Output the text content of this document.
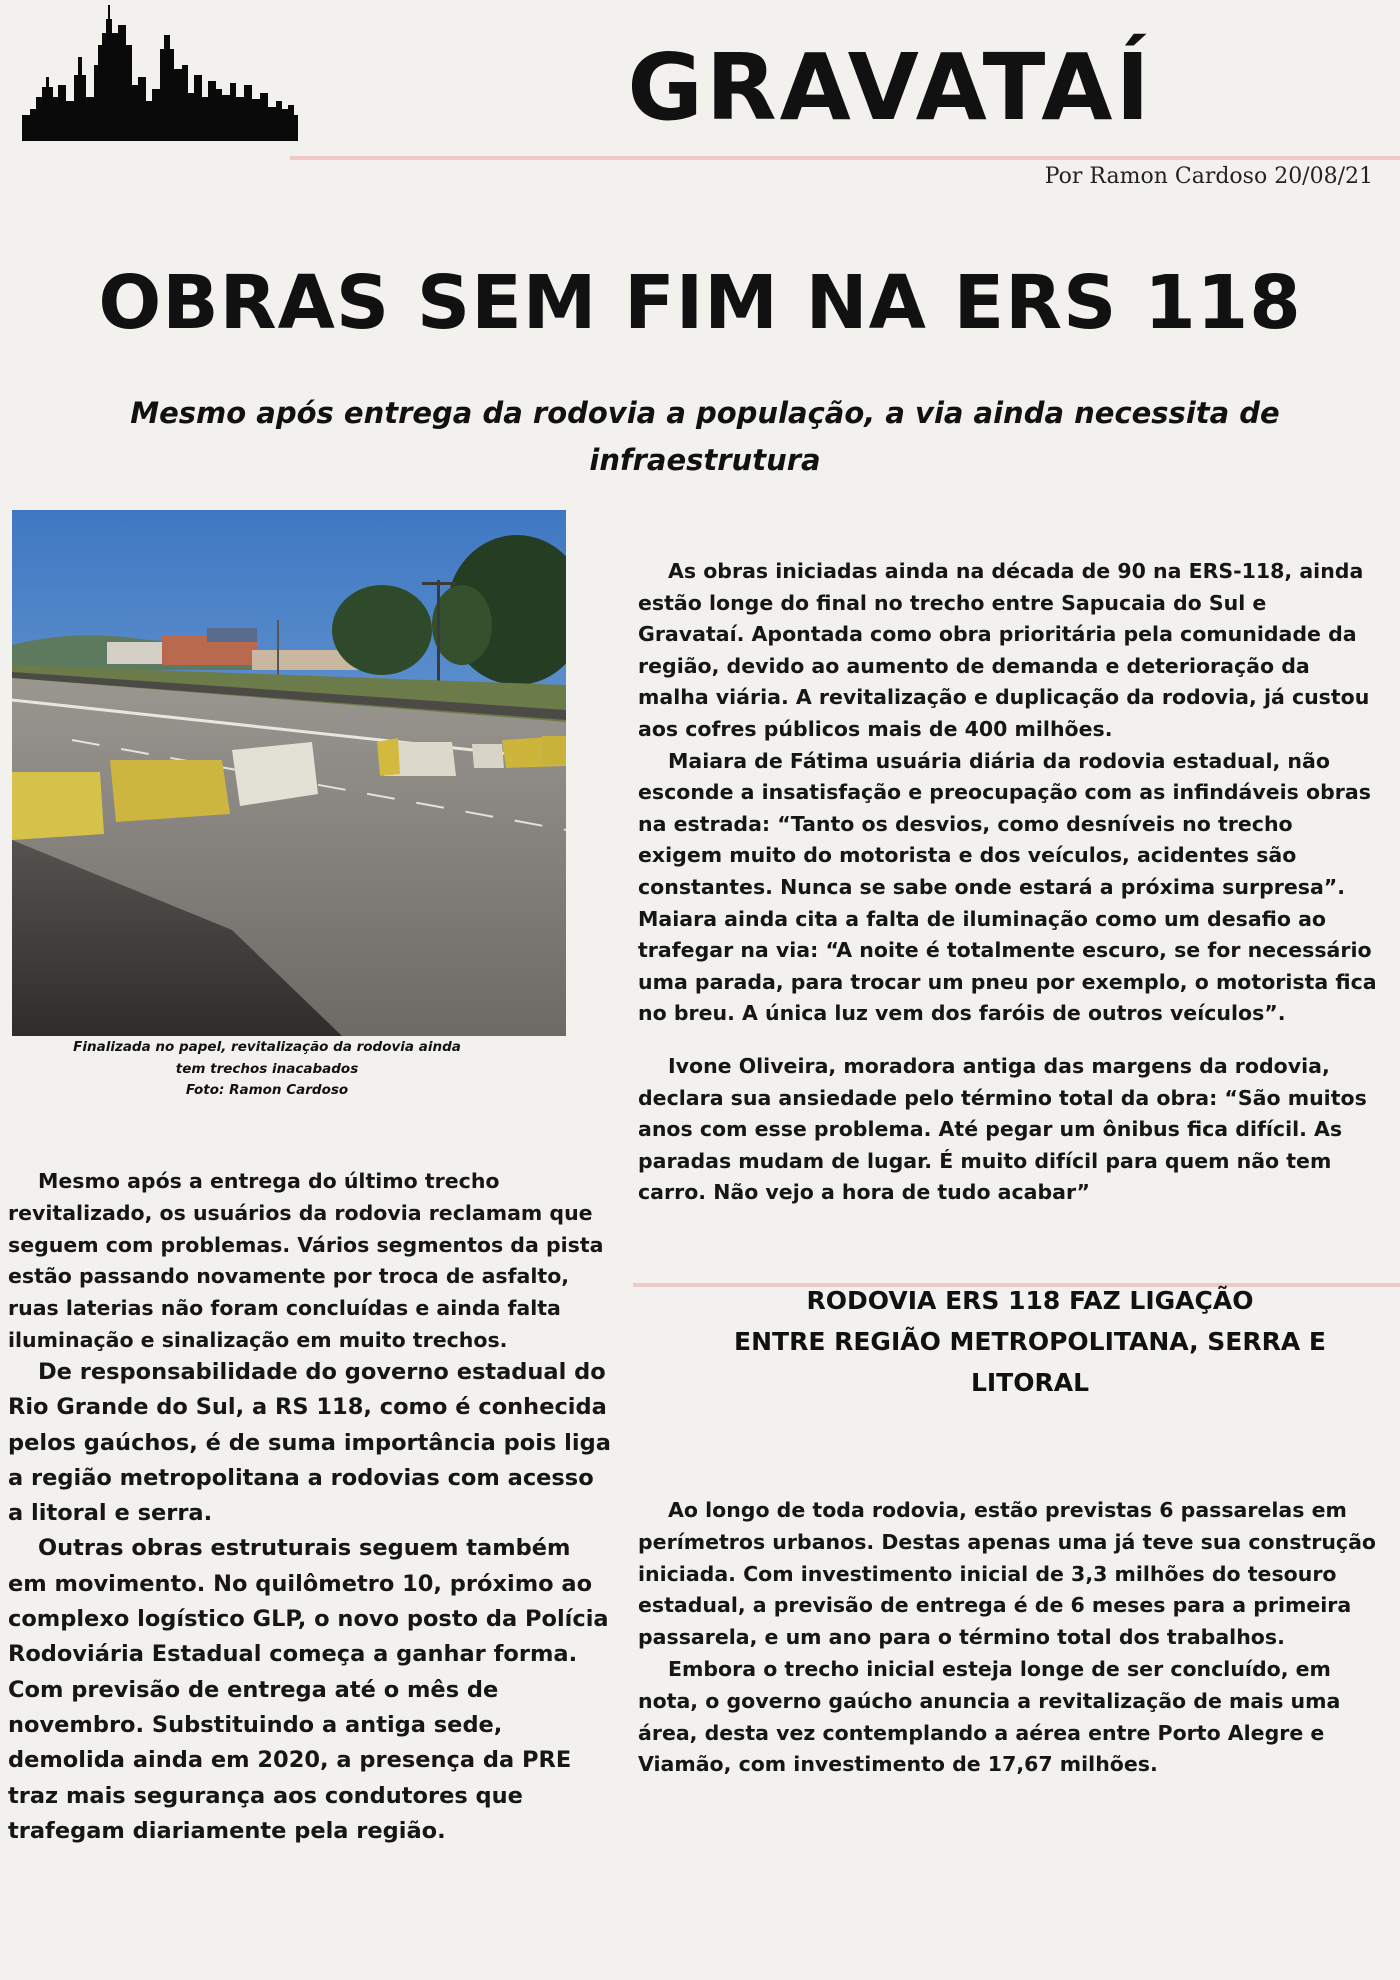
GRAVATAÍ
Por Ramon Cardoso 20/08/21
OBRAS SEM FIM NA ERS 118
Mesmo após entrega da rodovia a população, a via ainda necessita de infraestrutura
Finalizada no papel, revitalização da rodovia ainda
tem trechos inacabados
Foto: Ramon Cardoso

Mesmo após a entrega do último trecho revitalizado, os usuários da rodovia reclamam que seguem com problemas. Vários segmentos da pista estão passando novamente por troca de asfalto, ruas laterias não foram concluídas e ainda falta iluminação e sinalização em muito trechos.

De responsabilidade do governo estadual do Rio Grande do Sul, a RS 118, como é conhecida pelos gaúchos, é de suma importância pois liga a região metropolitana a rodovias com acesso a litoral e serra.

Outras obras estruturais seguem também em movimento. No quilômetro 10, próximo ao complexo logístico GLP, o novo posto da Polícia Rodoviária Estadual começa a ganhar forma. Com previsão de entrega até o mês de novembro. Substituindo a antiga sede, demolida ainda em 2020, a presença da PRE traz mais segurança aos condutores que trafegam diariamente pela região.

As obras iniciadas ainda na década de 90 na ERS-118, ainda estão longe do final no trecho entre Sapucaia do Sul e Gravataí. Apontada como obra prioritária pela comunidade da região, devido ao aumento de demanda e deterioração da malha viária. A revitalização e duplicação da rodovia, já custou aos cofres públicos mais de 400 milhões.

Maiara de Fátima usuária diária da rodovia estadual, não esconde a insatisfação e preocupação com as infindáveis obras na estrada: “Tanto os desvios, como desníveis no trecho exigem muito do motorista e dos veículos, acidentes são constantes. Nunca se sabe onde estará a próxima surpresa”. Maiara ainda cita a falta de iluminação como um desafio ao trafegar na via: “A noite é totalmente escuro, se for necessário uma parada, para trocar um pneu por exemplo, o motorista fica no breu. A única luz vem dos faróis de outros veículos”.

Ivone Oliveira, moradora antiga das margens da rodovia, declara sua ansiedade pelo término total da obra: “São muitos anos com esse problema. Até pegar um ônibus fica difícil. As paradas mudam de lugar. É muito difícil para quem não tem carro. Não vejo a hora de tudo acabar”

RODOVIA ERS 118 FAZ LIGAÇÃO
ENTRE REGIÃO METROPOLITANA, SERRA E
LITORAL

Ao longo de toda rodovia, estão previstas 6 passarelas em perímetros urbanos. Destas apenas uma já teve sua construção iniciada. Com investimento inicial de 3,3 milhões do tesouro estadual, a previsão de entrega é de 6 meses para a primeira passarela, e um ano para o término total dos trabalhos.

Embora o trecho inicial esteja longe de ser concluído, em nota, o governo gaúcho anuncia a revitalização de mais uma área, desta vez contemplando a aérea entre Porto Alegre e Viamão, com investimento de 17,67 milhões.
